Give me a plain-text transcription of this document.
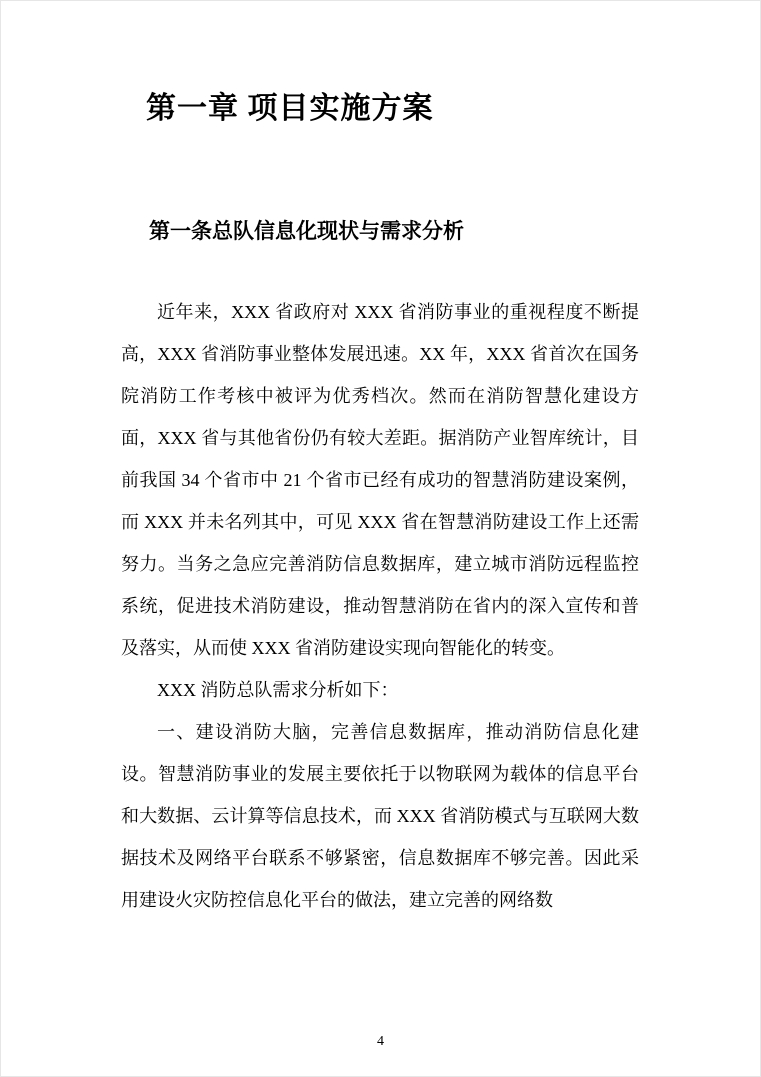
第一章 项目实施方案
第一条总队信息化现状与需求分析

近年来，XXX 省政府对 XXX 省消防事业的重视程度不断提高，XXX 省消防事业整体发展迅速。XX 年，XXX 省首次在国务院消防工作考核中被评为优秀档次。然而在消防智慧化建设方面，XXX 省与其他省份仍有较大差距。据消防产业智库统计，目前我国 34 个省市中 21 个省市已经有成功的智慧消防建设案例，而 XXX 并未名列其中，可见 XXX 省在智慧消防建设工作上还需努力。当务之急应完善消防信息数据库，建立城市消防远程监控系统，促进技术消防建设，推动智慧消防在省内的深入宣传和普及落实，从而使 XXX 省消防建设实现向智能化的转变。

XXX 消防总队需求分析如下：

一、建设消防大脑，完善信息数据库，推动消防信息化建设。智慧消防事业的发展主要依托于以物联网为载体的信息平台和大数据、云计算等信息技术，而 XXX 省消防模式与互联网大数据技术及网络平台联系不够紧密，信息数据库不够完善。因此采用建设火灾防控信息化平台的做法，建立完善的网络数

4
